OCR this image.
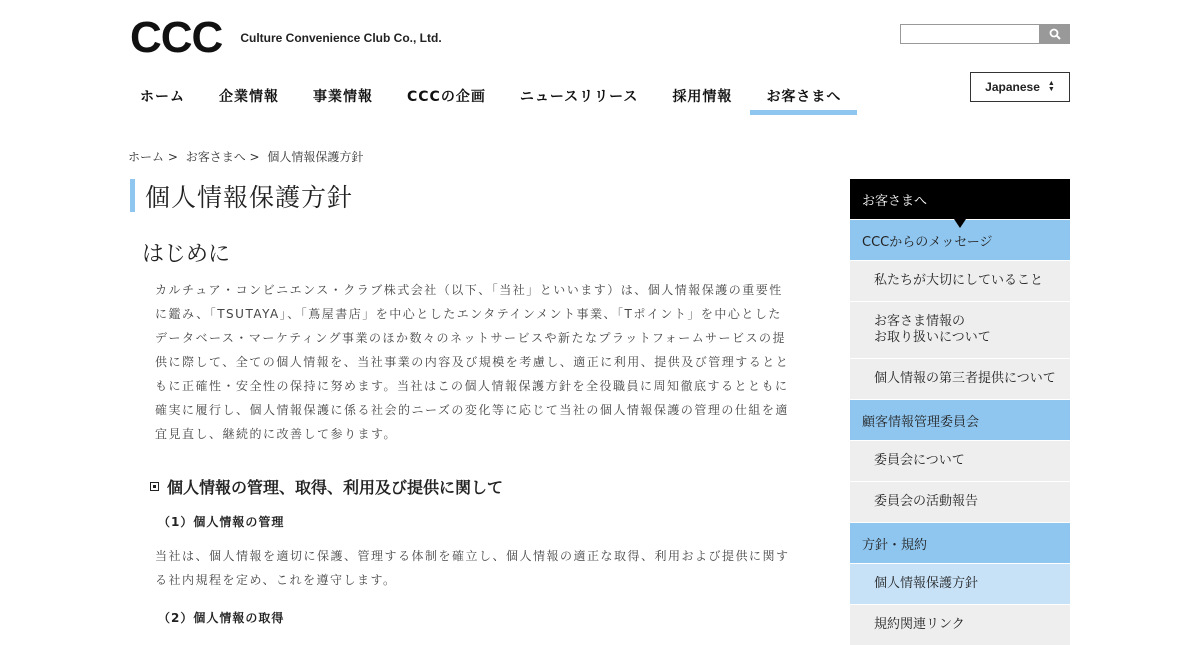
CCC Culture Convenience Club Co., Ltd.
Japanese ▲
▼
ホーム	企業情報	事業情報	CCCの企画	ニュースリリース	採用情報	お客さまへ
ホーム > お客さまへ > 個人情報保護方針
個人情報保護方針
はじめに
カルチュア・コンビニエンス・クラブ株式会社（以下、「当社」といいます）は、個人情報保護の重要性に鑑み、「TSUTAYA」、「蔦屋書店」を中心としたエンタテインメント事業、「Tポイント」を中心としたデータベース・マーケティング事業のほか数々のネットサービスや新たなプラットフォームサービスの提供に際して、全ての個人情報を、当社事業の内容及び規模を考慮し、適正に利用、提供及び管理するとともに正確性・安全性の保持に努めます。当社はこの個人情報保護方針を全役職員に周知徹底するとともに確実に履行し、個人情報保護に係る社会的ニーズの変化等に応じて当社の個人情報保護の管理の仕組を適宜見直し、継続的に改善して参ります。
個人情報の管理、取得、利用及び提供に関して
（1）個人情報の管理
当社は、個人情報を適切に保護、管理する体制を確立し、個人情報の適正な取得、利用および提供に関する社内規程を定め、これを遵守します。
（2）個人情報の取得
お客さまへ
CCCからのメッセージ
私たちが大切にしていること
お客さま情報の
お取り扱いについて
個人情報の第三者提供について
顧客情報管理委員会
委員会について
委員会の活動報告
方針・規約
個人情報保護方針
規約関連リンク
